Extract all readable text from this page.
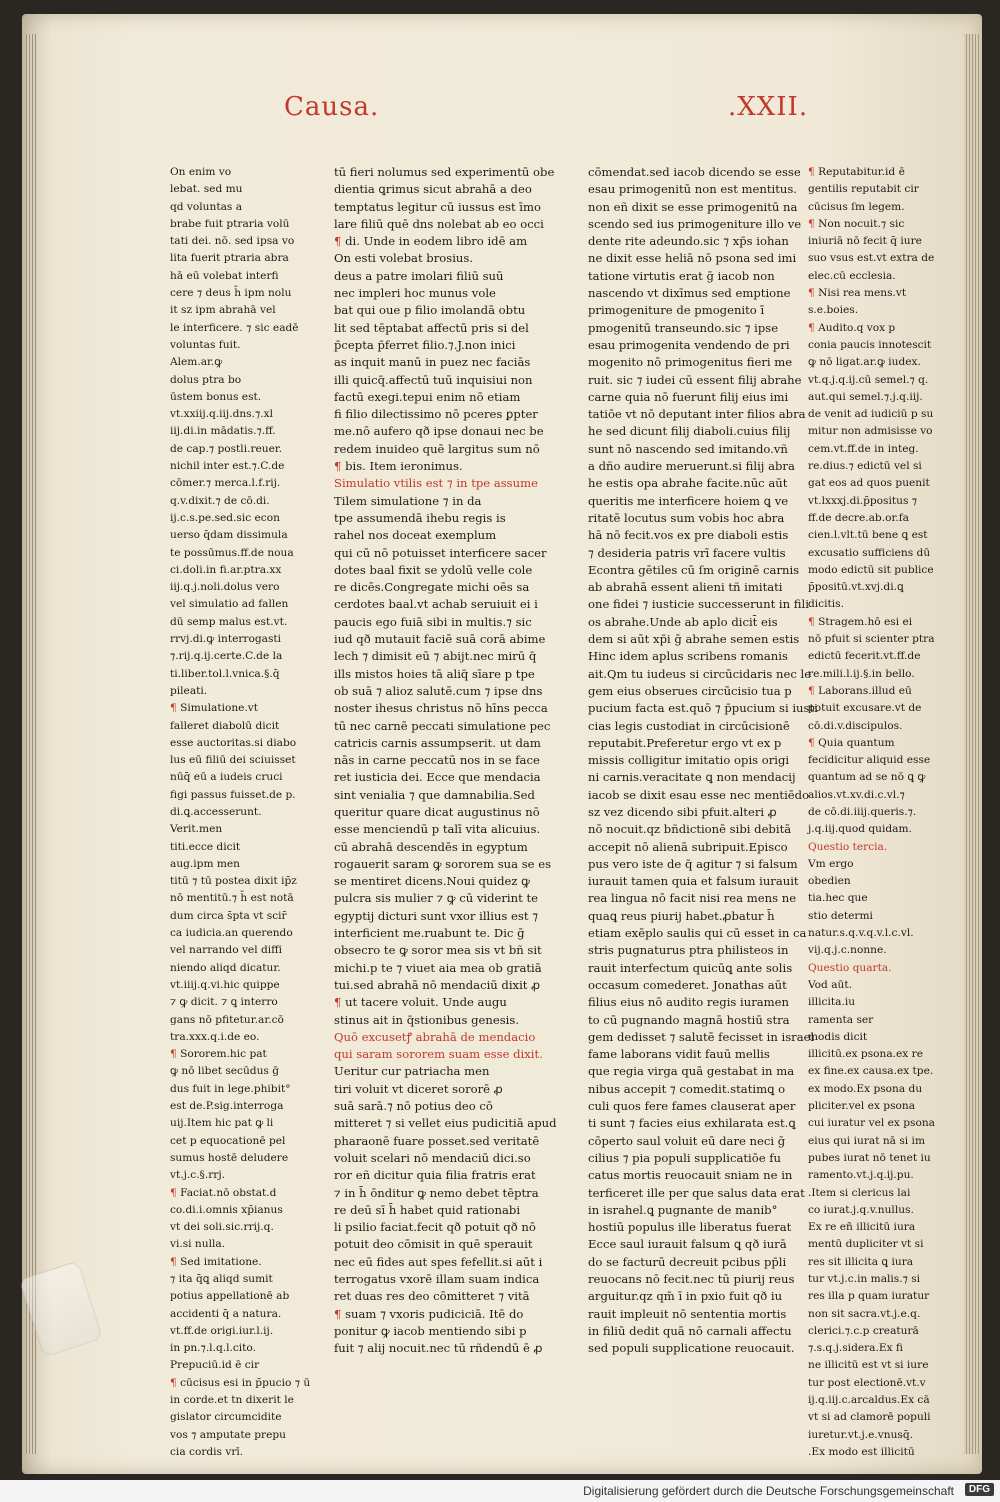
Causa.	.XXII.

On enim vo

lebat. sed mu

qd voluntas a

brabe fuit ptraria volū

tati dei. nō. sed ipsa vo

lita fuerit ptraria abra

hā eū volebat interfi

cere ⁊ deus h̄ ipm nolu

it sz ipm abrahā vel

le interficere. ⁊ sic eadē

voluntas fuit.

Alem.ar.ꝙ

dolus ptra bo

ūstem bonus est.

vt.xxiij.q.iij.dns.⁊.xl

iij.di.in mādatis.⁊.ff.

de cap.⁊ postli.reuer.

nichil inter est.⁊.C.de

cōmer.⁊ merca.l.f.rij.

q.v.dixit.⁊ de cō.di.

ij.c.s.pe.sed.sic econ

uerso q̄dam dissimula

te possūmus.ff.de noua

ci.doli.in fi.ar.ptra.xx

iij.q.j.noli.dolus vero

vel simulatio ad fallen

dū semp malus est.vt.

rrvj.di.ꝙ interrogasti

⁊.rij.q.ij.certe.C.de la

ti.liber.tol.l.vnica.§.q̄

pileati.

¶ Simulatione.vt

falleret diabolū dicit

esse auctoritas.si diabo

lus eū filiū dei sciuisset

nūq̄ eū a iudeis cruci

figi passus fuisset.de p.

di.ꝗ.accesserunt.

Verit.men

titi.ecce dicit

aug.ipm men

titū ⁊ tū postea dixit ip̄z

nō mentitū.⁊ h̄ est notā

dum circa s̄pta vt scir̄

ca iudicia.an querendo

vel narrando vel diffi

niendo aliqd dicatur.

vt.iiij.q.vi.hic quippe

⁊ ꝙ dicit. ⁊ ꝗ interro

gans nō pfitetur.ar.cō

tra.xxx.q.i.de eo.

¶ Sororem.hic pat

ꝙ nō libet secūdus ḡ

dus fuit in lege.phibit°

est de.P.sig.interroga

uij.Item hic pat ꝙ li

cet p equocationē pel

sumus hostē deludere

vt.j.c.§.rrj.

¶ Faciat.nō obstat.d

co.di.i.omnis xp̄ianus

vt dei soli.sic.rrij.q.

vi.si nulla.

¶ Sed imitatione.

⁊ ita q̄ꝗ aliqd sumit

potius appellationē ab

accidenti q̄ a natura.

vt.ff.de origi.iur.l.ij.

in pn.⁊.l.q.l.cito.

Prepuciū.id ē cir

¶ cūcisus esi in p̄pucio ⁊ ū

in corde.et tn dixerit le

gislator circumcidite

vos ⁊ amputate prepu

cia cordis vrī.

tū fieri nolumus sed experimentū obe

dientia ꝗrimus sicut abrahā a deo

temptatus legitur cū iussus est īmo

lare filiū quē dns nolebat ab eo occi

¶ di. Unde in eodem libro idē am

On esti volebat brosius.

deus a patre imolari filiū suū

nec impleri hoc munus vole

bat qui oue p filio imolandā obtu

lit sed tēptabat affectū pris si del

p̄cepta p̄ferret filio.⁊.J.non inici

as inquit manū in puez nec faciās

illi quicq̄.affectū tuū inquisiui non

factū exegi.tepui enim nō etiam

fi filio dilectissimo nō pceres ꝑpter

me.nō aufero qð ipse donaui nec be

redem inuideo quē largitus sum nō

¶ bis. Item ieronimus.

Simulatio vtilis est ⁊ in tpe assume

Tilem simulatione ⁊ in da

tpe assumendā ihebu regis is

rahel nos doceat exemplum

qui cū nō potuisset interficere sacer

dotes baal fixit se ydolū velle cole

re dicēs.Congregate michi oēs sa

cerdotes baal.vt achab seruiuit ei i

paucis ego fuiā sibi in multis.⁊ sic

iud qð mutauit faciē suā corā abime

lech ⁊ dimisit eū ⁊ abijt.nec mirū q̄

ills mistos hoies tā aliq̄ sīare p tpe

ob suā ⁊ alioz salutē.cum ⁊ ipse dns

noster ihesus christus nō hīns pecca

tū nec carnē peccati simulatione pec

catricis carnis assumpserit. ut dam

nās in carne peccatū nos in se face

ret iusticia dei. Ecce que mendacia

sint venialia ⁊ que damnabilia.Sed

queritur quare dicat augustinus nō

esse menciendū p talī vita alicuius.

cū abrahā descendēs in egyptum

rogauerit saram ꝙ sororem sua se es

se mentiret dicens.Noui quidez ꝙ

pulcra sis mulier ⁊ ꝙ cū viderint te

egyptij dicturi sunt vxor illius est ⁊

interficient me.ruabunt te. Dic ḡ

obsecro te ꝙ soror mea sis vt bñ sit

michi.p te ⁊ viuet aia mea ob gratiā

tui.sed abrahā nō mendaciū dixit ꝓ

¶ ut tacere voluit. Unde augu

stinus ait in q̄stionibus genesis.

Quō excusetꝭ abrahā de mendacio

qui saram sororem suam esse dixit.

Ueritur cur patriacha men

tiri voluit vt diceret sororē ꝓ

suā sarā.⁊ nō potius deo cō

mitteret ⁊ si vellet eius pudicitiā apud

pharaonē fuare posset.sed veritatē

voluit scelari nō mendaciū dici.so

ror eñ dicitur quia filia fratris erat

⁊ in h̄ ōnditur ꝙ nemo debet tēptra

re deū sī h̄ habet quid rationabi

li psilio faciat.fecit qð potuit qð nō

potuit deo cōmisit in quē sperauit

nec eū fides aut spes fefellit.si aūt i

terrogatus vxorē illam suam indica

ret duas res deo cōmitteret ⁊ vitā

¶ suam ⁊ vxoris pudiciciā. Itē do

ponitur ꝙ iacob mentiendo sibi p

fuit ⁊ alij nocuit.nec tū rñdendū ē ꝓ

cōmendat.sed iacob dicendo se esse

esau primogenitū non est mentitus.

non eñ dixit se esse primogenitū na

scendo sed ius primogeniture illo ve

dente rite adeundo.sic ⁊ xp̄s iohan

ne dixit esse heliā nō psona sed imi

tatione virtutis erat ḡ iacob non

nascendo vt dixīmus sed emptione

primogeniture de pmogenito ī

pmogenitū transeundo.sic ⁊ ipse

esau primogenita vendendo de pri

mogenito nō primogenitus fieri me

ruit. sic ⁊ iudei cū essent filij abrahe

carne quia nō fuerunt filij eius imi

tatiōe vt nō deputant inter filios abra

he sed dicunt filij diaboli.cuius filij

sunt nō nascendo sed imitando.vñ

a dño audire meruerunt.si filij abra

he estis opa abrahe facite.nūc aūt

queritis me interficere hoiem ꝗ ve

ritatē locutus sum vobis hoc abra

hā nō fecit.vos ex pre diaboli estis

⁊ desideria patris vrī facere vultis

Econtra gētiles cū ſm originē carnis

ab abrahā essent alieni tñ imitati

one fidei ⁊ iusticie successerunt in fili

os abrahe.Unde ab aplo dicit̄ eis

dem si aūt xp̄i ḡ abrahe semen estis

Hinc idem aplus scribens romanis

ait.Qm tu iudeus si circūcidaris nec le

gem eius obserues circūcisio tua p

pucium facta est.quō ⁊ p̄pucium si iusti

cias legis custodiat in circūcisionē

reputabit.Preferetur ergo vt ex p

missis colligitur imitatio opis origi

ni carnis.veracitate ꝗ non mendacij

iacob se dixit esau esse nec mentiēdo

sz vez dicendo sibi pfuit.alteri ꝓ

nō nocuit.qz bñdictionē sibi debitā

accepit nō alienā subripuit.Episco

pus vero iste de q̄ agitur ⁊ si falsum

iurauit tamen quia et falsum iurauit

rea lingua nō facit nisi rea mens ne

quaꝗ reus piurij habet.ꝓbatur h̄

etiam exēplo saulis qui cū esset in ca

stris pugnaturus ptra philisteos in

rauit interfectum quicūꝗ ante solis

occasum comederet. Jonathas aūt

filius eius nō audito regis iuramen

to cū pugnando magnā hostiū stra

gem dedisset ⁊ salutē fecisset in israel

fame laborans vidit fauū mellis

que regia virga quā gestabat in ma

nibus accepit ⁊ comedit.statimꝗ o

culi quos fere fames clauserat aper

ti sunt ⁊ facies eius exhilarata est.ꝗ

cōperto saul voluit eū dare neci ḡ

cilius ⁊ pia populi supplicatiōe fu

catus mortis reuocauit sniam ne in

terficeret ille per que salus data erat

in israhel.ꝗ pugnante de manib°

hostiū populus ille liberatus fuerat

Ecce saul iurauit falsum ꝗ qð iurā

do se facturū decreuit pcibus pp̄li

reuocans nō fecit.nec tū piurij reus

arguitur.qz qm̄ ī in pxio fuit qð iu

rauit impleuit nō sententia mortis

in filiū dedit quā nō carnali affectu

sed populi supplicatione reuocauit.

¶ Reputabitur.id ē

gentilis reputabit cir

cūcisus ſm legem.

¶ Non nocuit.⁊ sic

iniuriā nō fecit q̄ iure

suo vsus est.vt extra de

elec.cū ecclesia.

¶ Nisi rea mens.vt

s.e.boies.

¶ Audito.q vox p

conia paucis innotescit

ꝙ nō ligat.ar.ꝙ iudex.

vt.q.j.q.ij.cū semel.⁊ q.

aut.qui semel.⁊.j.q.iij.

de venit ad iudiciū p su

mitur non admisisse vo

cem.vt.ff.de in integ.

re.dius.⁊ edictū vel si

gat eos ad quos puenit

vt.lxxxj.di.p̄positus ⁊

ff.de decre.ab.or.fa

cien.l.vlt.tū bene ꝗ est

excusatio sufficiens dū

modo edictū sit publice

p̄positū.vt.xvj.di.ꝗ

dicitis.

¶ Stragem.hō esi ei

nō pfuit si scienter ptra

edictū fecerit.vt.ff.de

re.mili.l.ij.§.in bello.

¶ Laborans.illud eū

potuit excusare.vt de

cō.di.v.discipulos.

¶ Quia quantum

fecidicitur aliquid esse

quantum ad se nō ꝗ ꝙ

alios.vt.xv.di.c.vl.⁊

de cō.di.iiij.queris.⁊.

j.q.iij.quod quidam.

Questio tercia.

Vm ergo

obedien

tia.hec que

stio determi

natur.s.q.v.q.v.l.c.vl.

vij.q.j.c.nonne.

Questio quarta.

Vod aūt.

illicita.iu

ramenta ser

modis dicit

illicitū.ex psona.ex re

ex fine.ex causa.ex tpe.

ex modo.Ex psona du

pliciter.vel ex psona

cui iuratur vel ex psona

eius qui iurat nā si im

pubes iurat nō tenet iu

ramento.vt.j.q.ij.pu.

.Item si clericus lai

co iurat.j.q.v.nullus.

Ex re eñ illicitū iura

mentū dupliciter vt si

res sit illicita ꝗ iura

tur vt.j.c.in malis.⁊ si

res illa p quam iuratur

non sit sacra.vt.j.e.q.

clerici.⁊.c.p creaturā

⁊.s.q.j.sidera.Ex fi

ne illicitū est vt si iure

tur post electionē.vt.v

ij.q.iij.c.arcaldus.Ex cā

vt si ad clamorē populi

iuretur.vt.j.e.vnusq̄.

.Ex modo est illicitū

Digitalisierung gefördert durch die Deutsche Forschungsgemeinschaft	DFG
